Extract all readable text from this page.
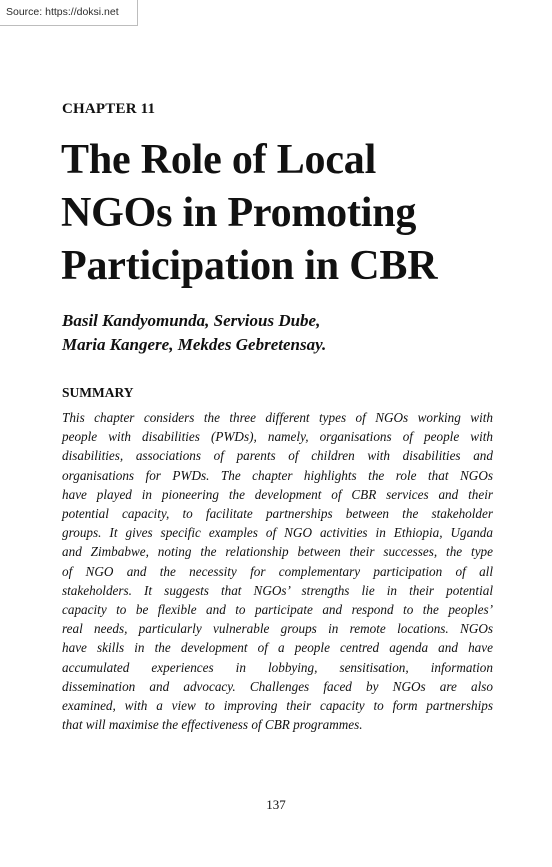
Source: https://doksi.net
CHAPTER 11
The Role of Local
NGOs in Promoting
Participation in CBR
Basil Kandyomunda, Servious Dube,
Maria Kangere, Mekdes Gebretensay.
SUMMARY
This chapter considers the three different types of NGOs working with
people with disabilities (PWDs), namely, organisations of people with
disabilities, associations of parents of children with disabilities and
organisations for PWDs. The chapter highlights the role that NGOs
have played in pioneering the development of CBR services and their
potential capacity, to facilitate partnerships between the stakeholder
groups. It gives specific examples of NGO activities in Ethiopia, Uganda
and Zimbabwe, noting the relationship between their successes, the type
of NGO and the necessity for complementary participation of all
stakeholders. It suggests that NGOs’ strengths lie in their potential
capacity to be flexible and to participate and respond to the peoples’
real needs, particularly vulnerable groups in remote locations. NGOs
have skills in the development of a people centred agenda and have
accumulated experiences in lobbying, sensitisation, information
dissemination and advocacy. Challenges faced by NGOs are also
examined, with a view to improving their capacity to form partnerships
that will maximise the effectiveness of CBR programmes.
137
